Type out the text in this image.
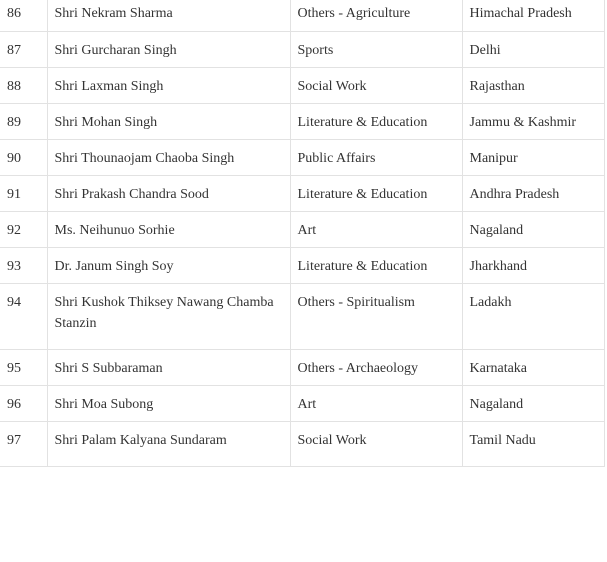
86	Shri Nekram Sharma	Others - Agriculture	Himachal Pradesh
87	Shri Gurcharan Singh	Sports	Delhi
88	Shri Laxman Singh	Social Work	Rajasthan
89	Shri Mohan Singh	Literature & Education	Jammu & Kashmir
90	Shri Thounaojam Chaoba Singh	Public Affairs	Manipur
91	Shri Prakash Chandra Sood	Literature & Education	Andhra Pradesh
92	Ms. Neihunuo Sorhie	Art	Nagaland
93	Dr. Janum Singh Soy	Literature & Education	Jharkhand
94	Shri Kushok Thiksey Nawang Chamba Stanzin	Others - Spiritualism	Ladakh
95	Shri S Subbaraman	Others - Archaeology	Karnataka
96	Shri Moa Subong	Art	Nagaland
97	Shri Palam Kalyana Sundaram	Social Work	Tamil Nadu
